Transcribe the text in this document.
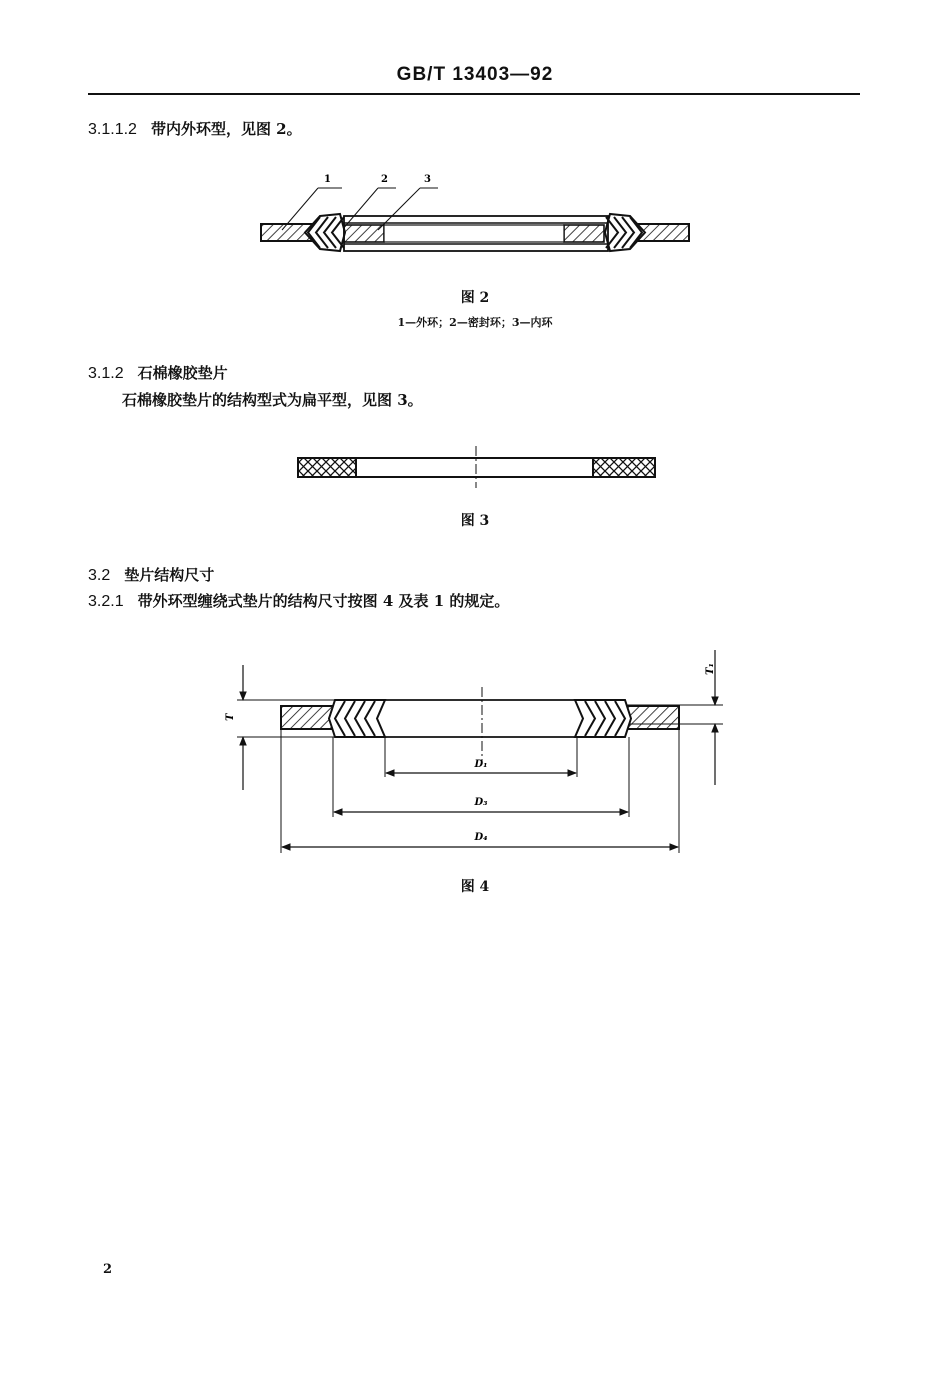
GB/T 13403—92
3.1.1.2 带内外环型，见图 2。
1	2	3
图 2
1—外环；2—密封环；3—内环
3.1.2 石棉橡胶垫片
石棉橡胶垫片的结构型式为扁平型，见图 3。
图 3
3.2 垫片结构尺寸
3.2.1 带外环型缠绕式垫片的结构尺寸按图 4 及表 1 的规定。
T
T₁
D₁
D₃
D₄
图 4
2
